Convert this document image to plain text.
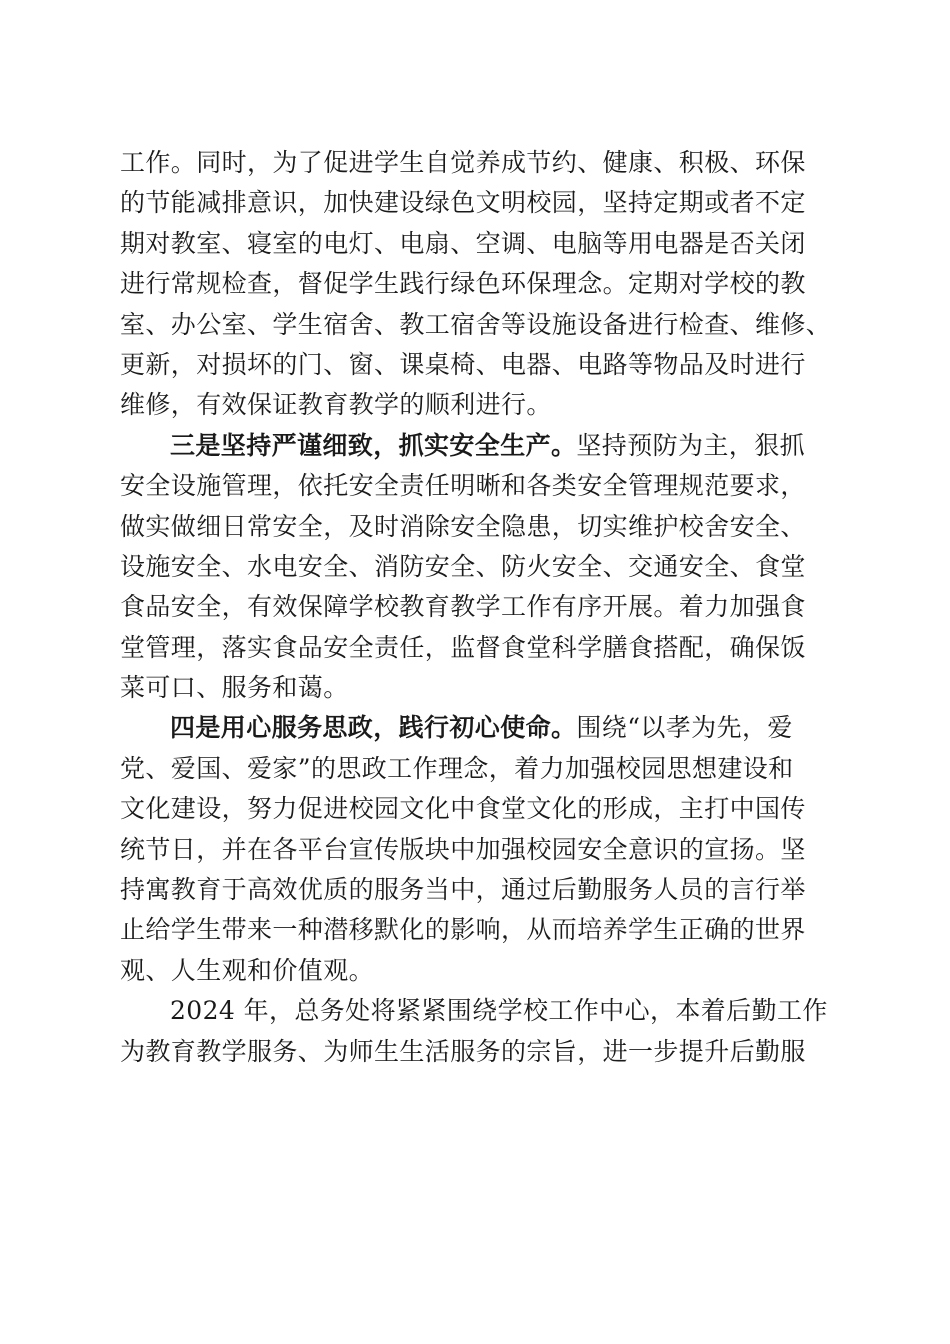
工作。同时，为了促进学生自觉养成节约、健康、积极、环保
的节能减排意识，加快建设绿色文明校园，坚持定期或者不定
期对教室、寝室的电灯、电扇、空调、电脑等用电器是否关闭
进行常规检查，督促学生践行绿色环保理念。定期对学校的教
室、办公室、学生宿舍、教工宿舍等设施设备进行检查、维修、
更新，对损坏的门、窗、课桌椅、电器、电路等物品及时进行
维修，有效保证教育教学的顺利进行。
三是坚持严谨细致，抓实安全生产。坚持预防为主，狠抓
安全设施管理，依托安全责任明晰和各类安全管理规范要求，
做实做细日常安全，及时消除安全隐患，切实维护校舍安全、
设施安全、水电安全、消防安全、防火安全、交通安全、食堂
食品安全，有效保障学校教育教学工作有序开展。着力加强食
堂管理，落实食品安全责任，监督食堂科学膳食搭配，确保饭
菜可口、服务和蔼。
四是用心服务思政，践行初心使命。围绕“以孝为先，爱
党、爱国、爱家”的思政工作理念，着力加强校园思想建设和
文化建设，努力促进校园文化中食堂文化的形成，主打中国传
统节日，并在各平台宣传版块中加强校园安全意识的宣扬。坚
持寓教育于高效优质的服务当中，通过后勤服务人员的言行举
止给学生带来一种潜移默化的影响，从而培养学生正确的世界
观、人生观和价值观。
2024 年，总务处将紧紧围绕学校工作中心，本着后勤工作
为教育教学服务、为师生生活服务的宗旨，进一步提升后勤服
